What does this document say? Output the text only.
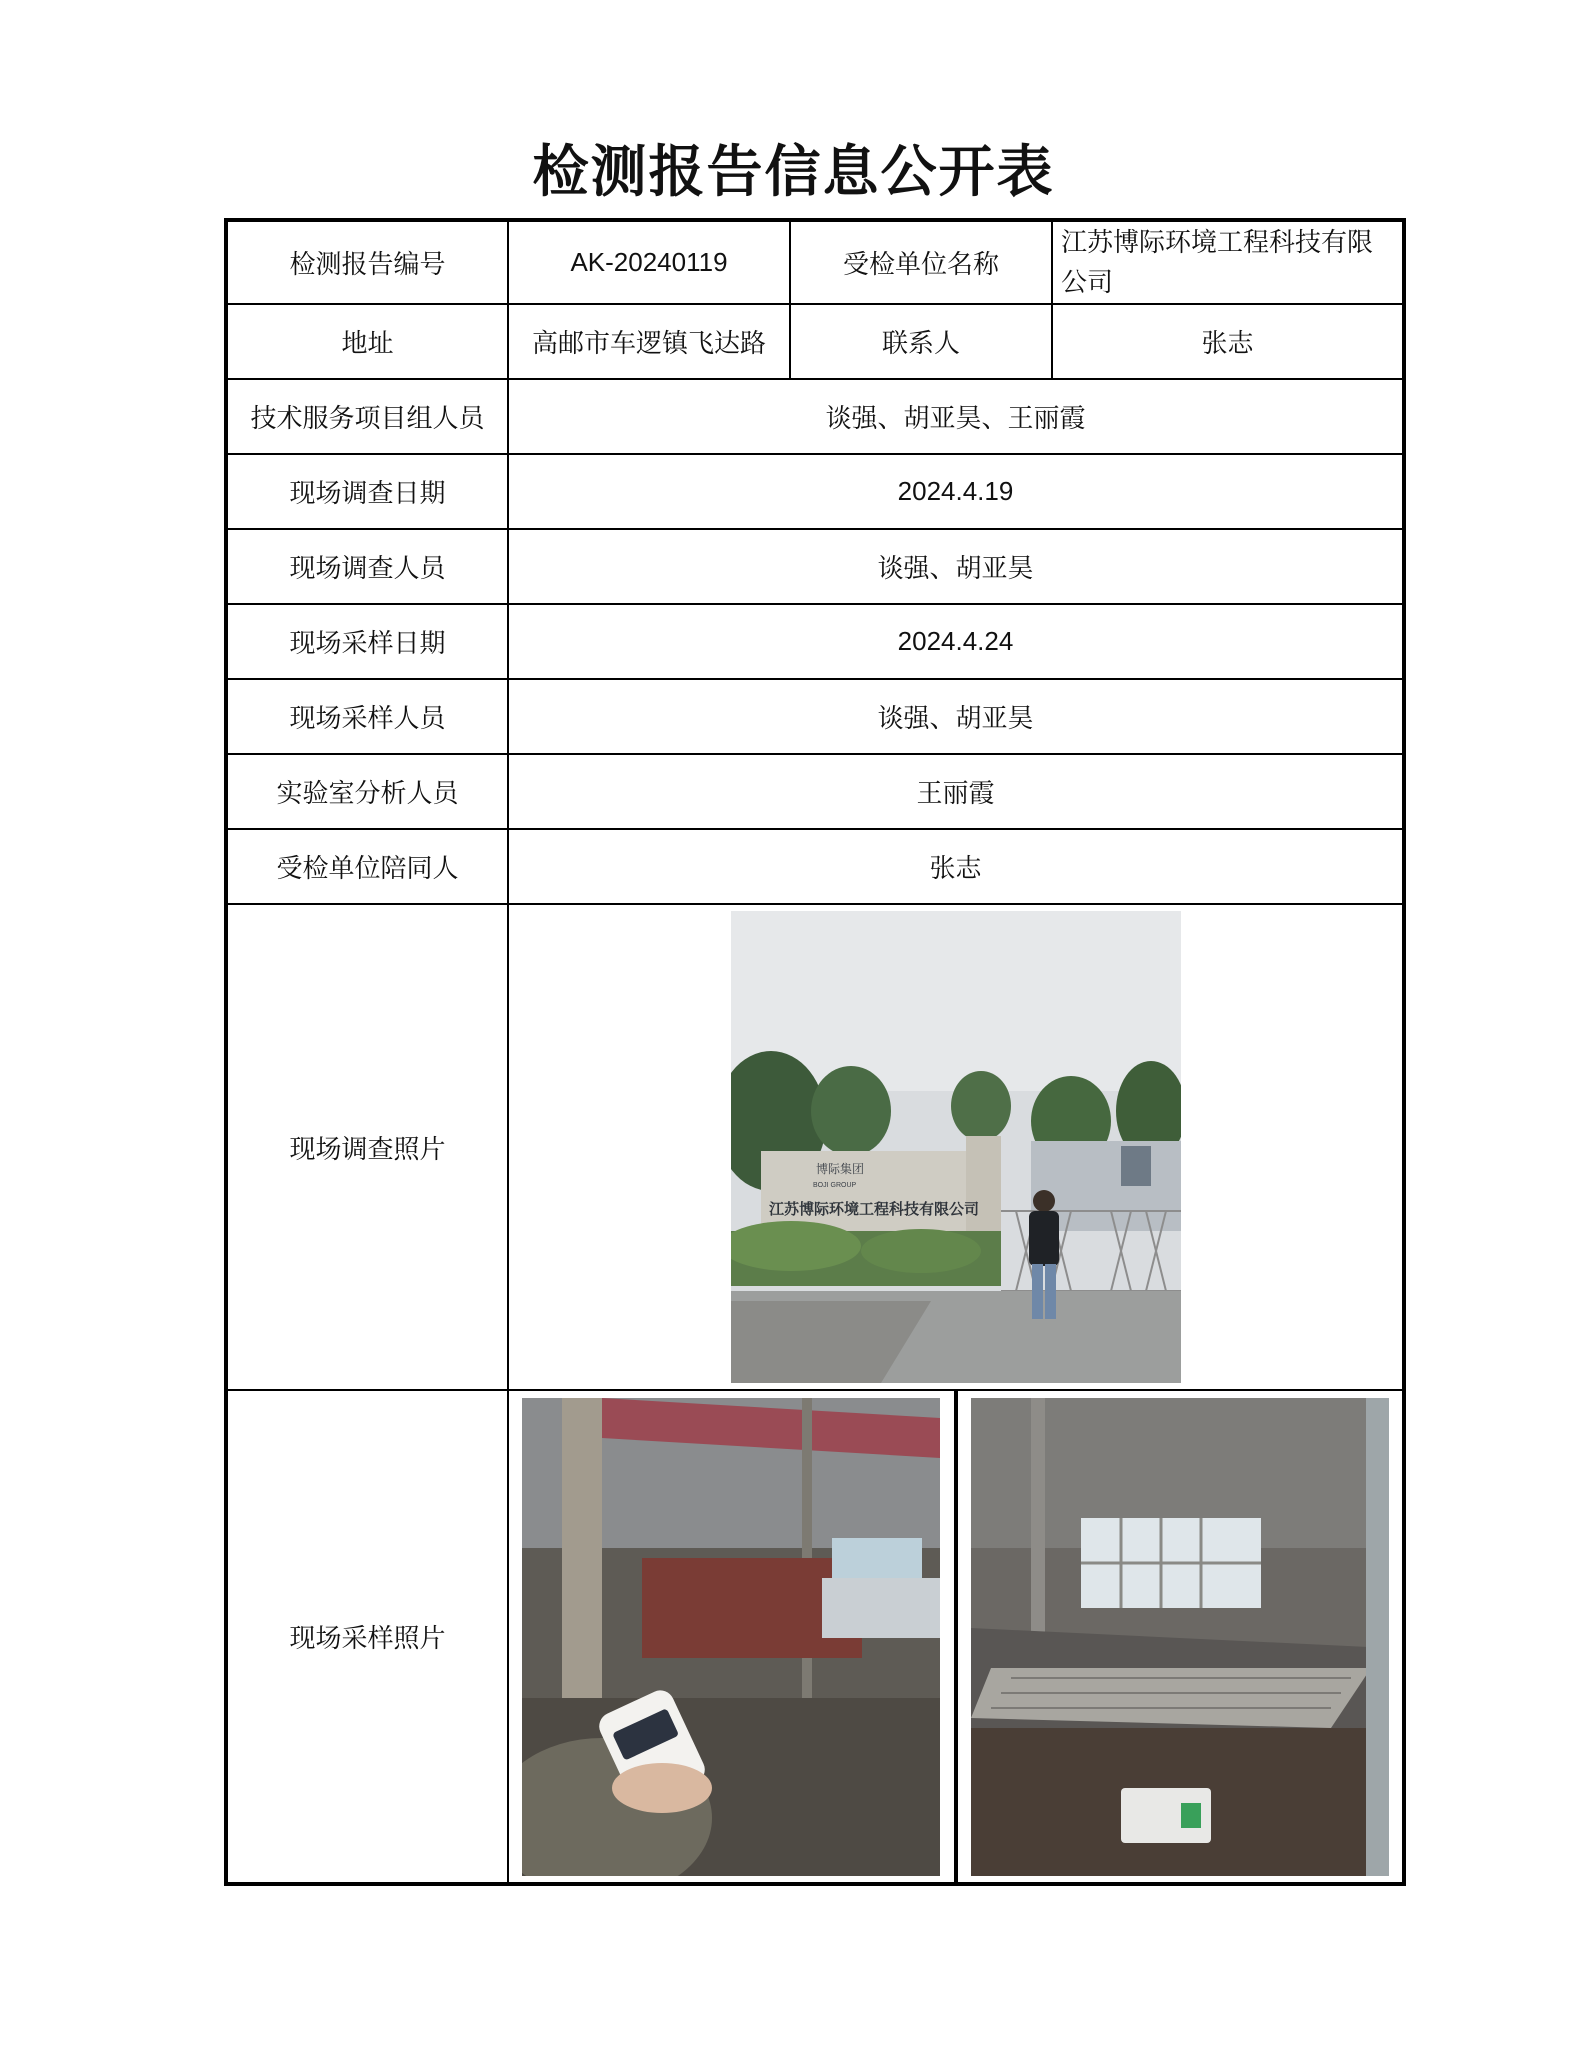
检测报告信息公开表
检测报告编号	AK-20240119	受检单位名称	江苏博际环境工程科技有限公司
地址	高邮市车逻镇飞达路	联系人	张志
技术服务项目组人员	谈强、胡亚昊、王丽霞		
现场调查日期	2024.4.19		
现场调查人员	谈强、胡亚昊		
现场采样日期	2024.4.24		
现场采样人员	谈强、胡亚昊		
实验室分析人员	王丽霞		
受检单位陪同人	张志		
现场调查照片	博际集团
BOJI GROUP
江苏博际环境工程科技有限公司		

现场采样照片	
